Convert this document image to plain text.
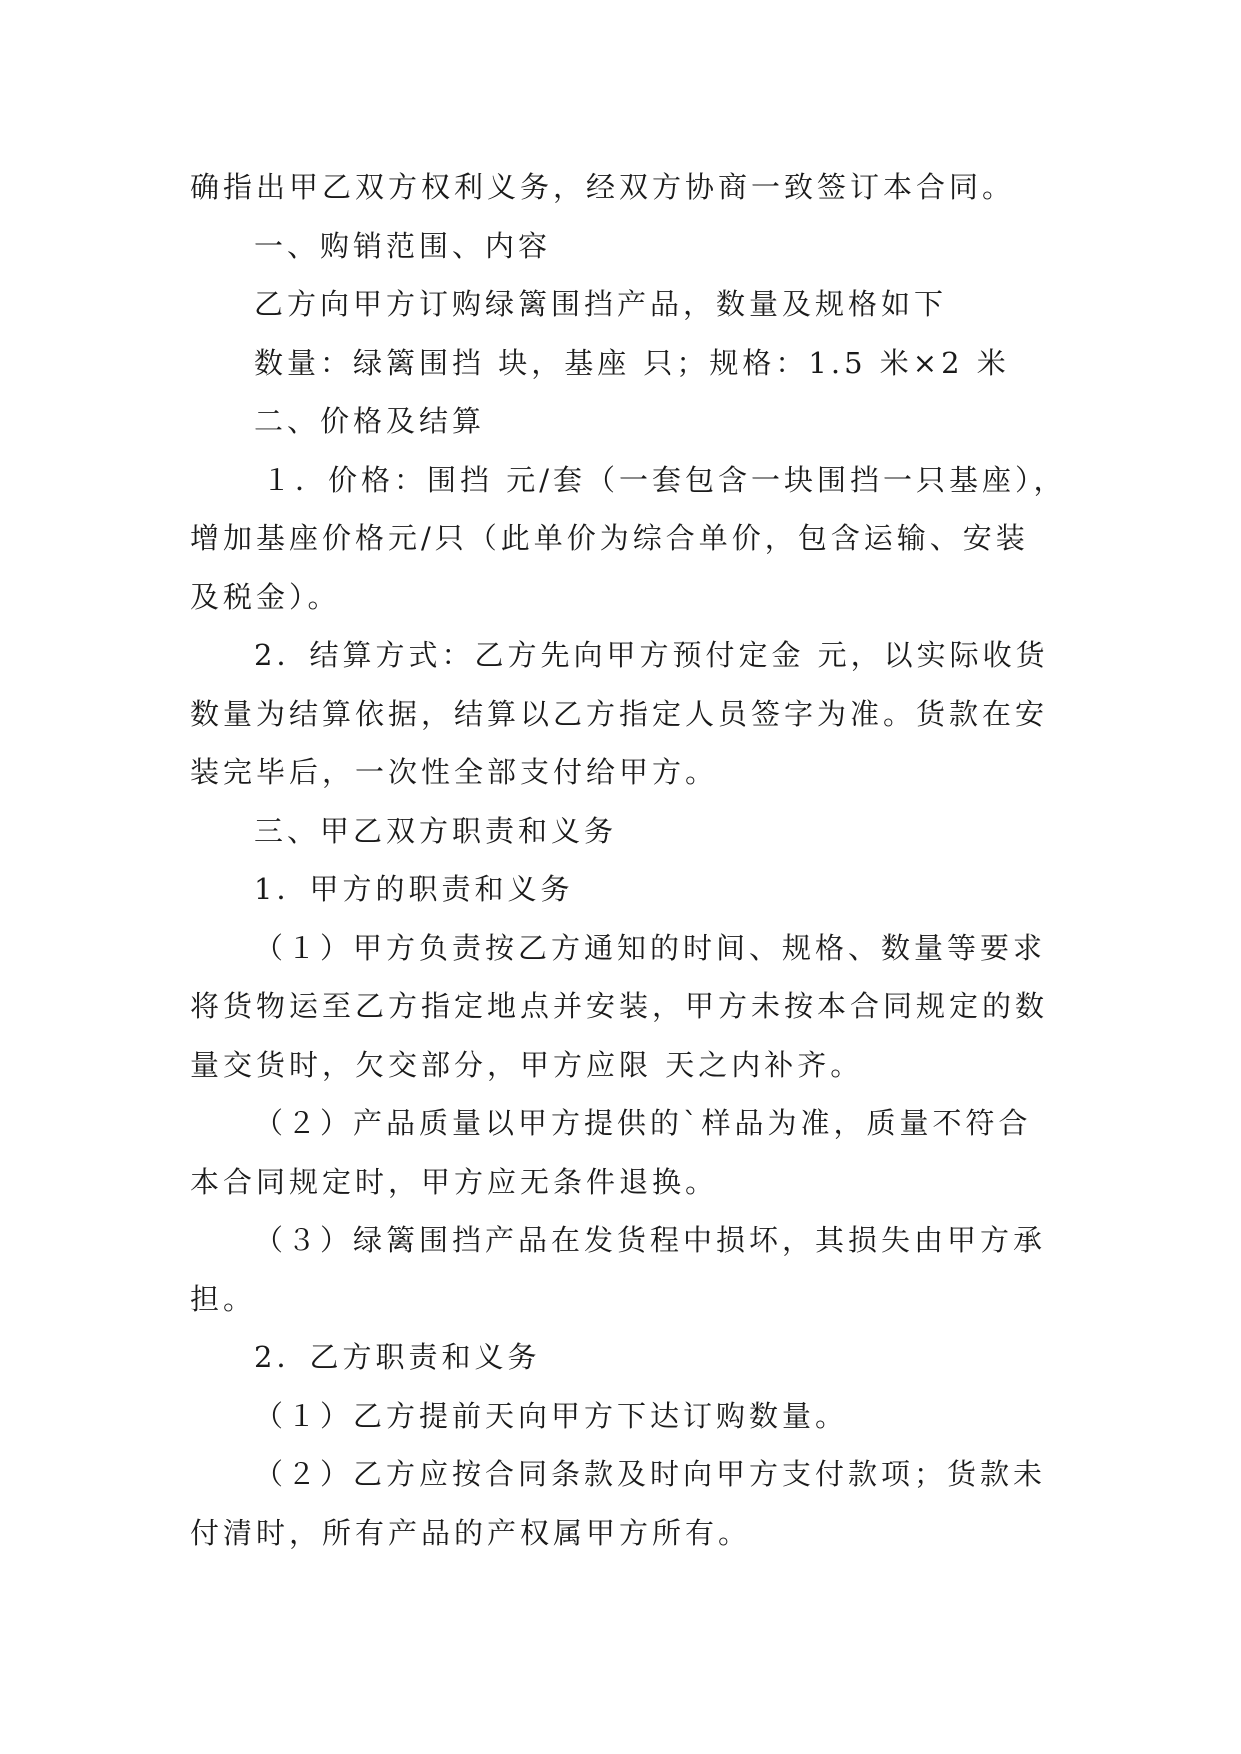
确指出甲乙双方权利义务，经双方协商一致签订本合同。
一、购销范围、内容
乙方向甲方订购绿篱围挡产品，数量及规格如下
数量：绿篱围挡 块，基座 只；规格：1.5 米×2 米
二、价格及结算
１．价格：围挡 元/套（一套包含一块围挡一只基座），
增加基座价格元/只（此单价为综合单价，包含运输、安装
及税金）。
2．结算方式：乙方先向甲方预付定金 元，以实际收货
数量为结算依据，结算以乙方指定人员签字为准。货款在安
装完毕后，一次性全部支付给甲方。
三、甲乙双方职责和义务
1．甲方的职责和义务
（１）甲方负责按乙方通知的时间、规格、数量等要求
将货物运至乙方指定地点并安装，甲方未按本合同规定的数
量交货时，欠交部分，甲方应限 天之内补齐。
（２）产品质量以甲方提供的`样品为准，质量不符合
本合同规定时，甲方应无条件退换。
（３）绿篱围挡产品在发货程中损坏，其损失由甲方承
担。
2．乙方职责和义务
（１）乙方提前天向甲方下达订购数量。
（２）乙方应按合同条款及时向甲方支付款项；货款未
付清时，所有产品的产权属甲方所有。
